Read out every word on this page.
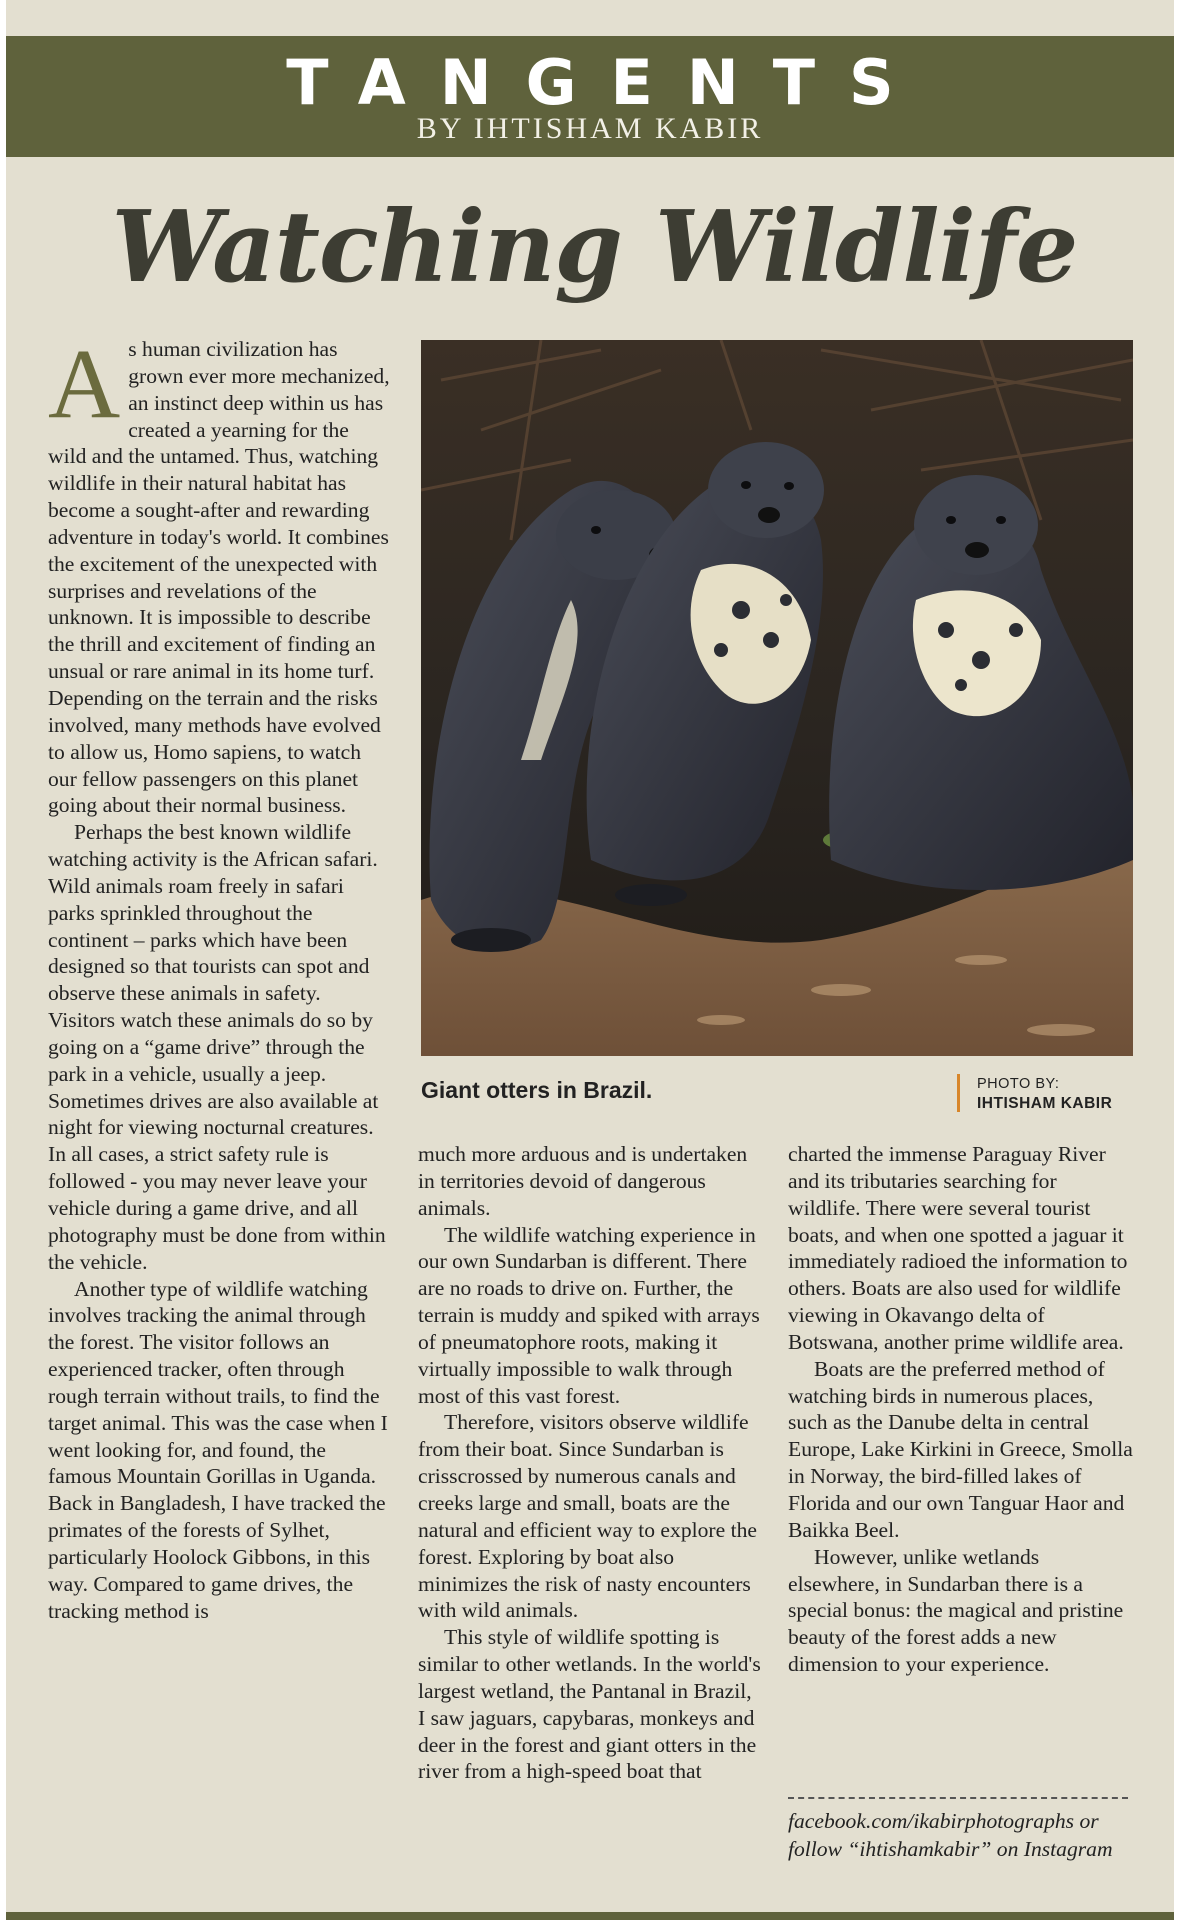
TANGENTS
BY IHTISHAM KABIR
Watching Wildlife
A s human civilization has grown ever more mechanized, an instinct deep within us has created a yearning for the wild and the untamed. Thus, watching wildlife in their natural habitat has become a sought-after and rewarding adventure in today's world. It combines the excitement of the unexpected with surprises and revelations of the unknown. It is impossible to describe the thrill and excitement of finding an unsual or rare animal in its home turf. Depending on the terrain and the risks involved, many methods have evolved to allow us, Homo sapiens, to watch our fellow passengers on this planet going about their normal business.

Perhaps the best known wildlife watching activity is the African safari. Wild animals roam freely in safari parks sprinkled throughout the continent – parks which have been designed so that tourists can spot and observe these animals in safety. Visitors watch these animals do so by going on a “game drive” through the park in a vehicle, usually a jeep. Sometimes drives are also available at night for viewing nocturnal creatures. In all cases, a strict safety rule is followed - you may never leave your vehicle during a game drive, and all photography must be done from within the vehicle.

Another type of wildlife watching involves tracking the animal through the forest. The visitor follows an experienced tracker, often through rough terrain without trails, to find the target animal. This was the case when I went looking for, and found, the famous Mountain Gorillas in Uganda. Back in Bangladesh, I have tracked the primates of the forests of Sylhet, particularly Hoolock Gibbons, in this way. Compared to game drives, the tracking method is

Giant otters in Brazil.	PHOTO BY:
IHTISHAM KABIR

much more arduous and is undertaken in territories devoid of dangerous animals.

The wildlife watching experience in our own Sundarban is different. There are no roads to drive on. Further, the terrain is muddy and spiked with arrays of pneumatophore roots, making it virtually impossible to walk through most of this vast forest.

Therefore, visitors observe wildlife from their boat. Since Sundarban is crisscrossed by numerous canals and creeks large and small, boats are the natural and efficient way to explore the forest. Exploring by boat also minimizes the risk of nasty encounters with wild animals.

This style of wildlife spotting is similar to other wetlands. In the world's largest wetland, the Pantanal in Brazil, I saw jaguars, capybaras, monkeys and deer in the forest and giant otters in the river from a high-speed boat that

charted the immense Paraguay River and its tributaries searching for wildlife. There were several tourist boats, and when one spotted a jaguar it immediately radioed the information to others. Boats are also used for wildlife viewing in Okavango delta of Botswana, another prime wildlife area.

Boats are the preferred method of watching birds in numerous places, such as the Danube delta in central Europe, Lake Kirkini in Greece, Smolla in Norway, the bird-filled lakes of Florida and our own Tanguar Haor and Baikka Beel.

However, unlike wetlands elsewhere, in Sundarban there is a special bonus: the magical and pristine beauty of the forest adds a new dimension to your experience.

facebook.com/ikabirphotographs or follow “ihtishamkabir” on Instagram
